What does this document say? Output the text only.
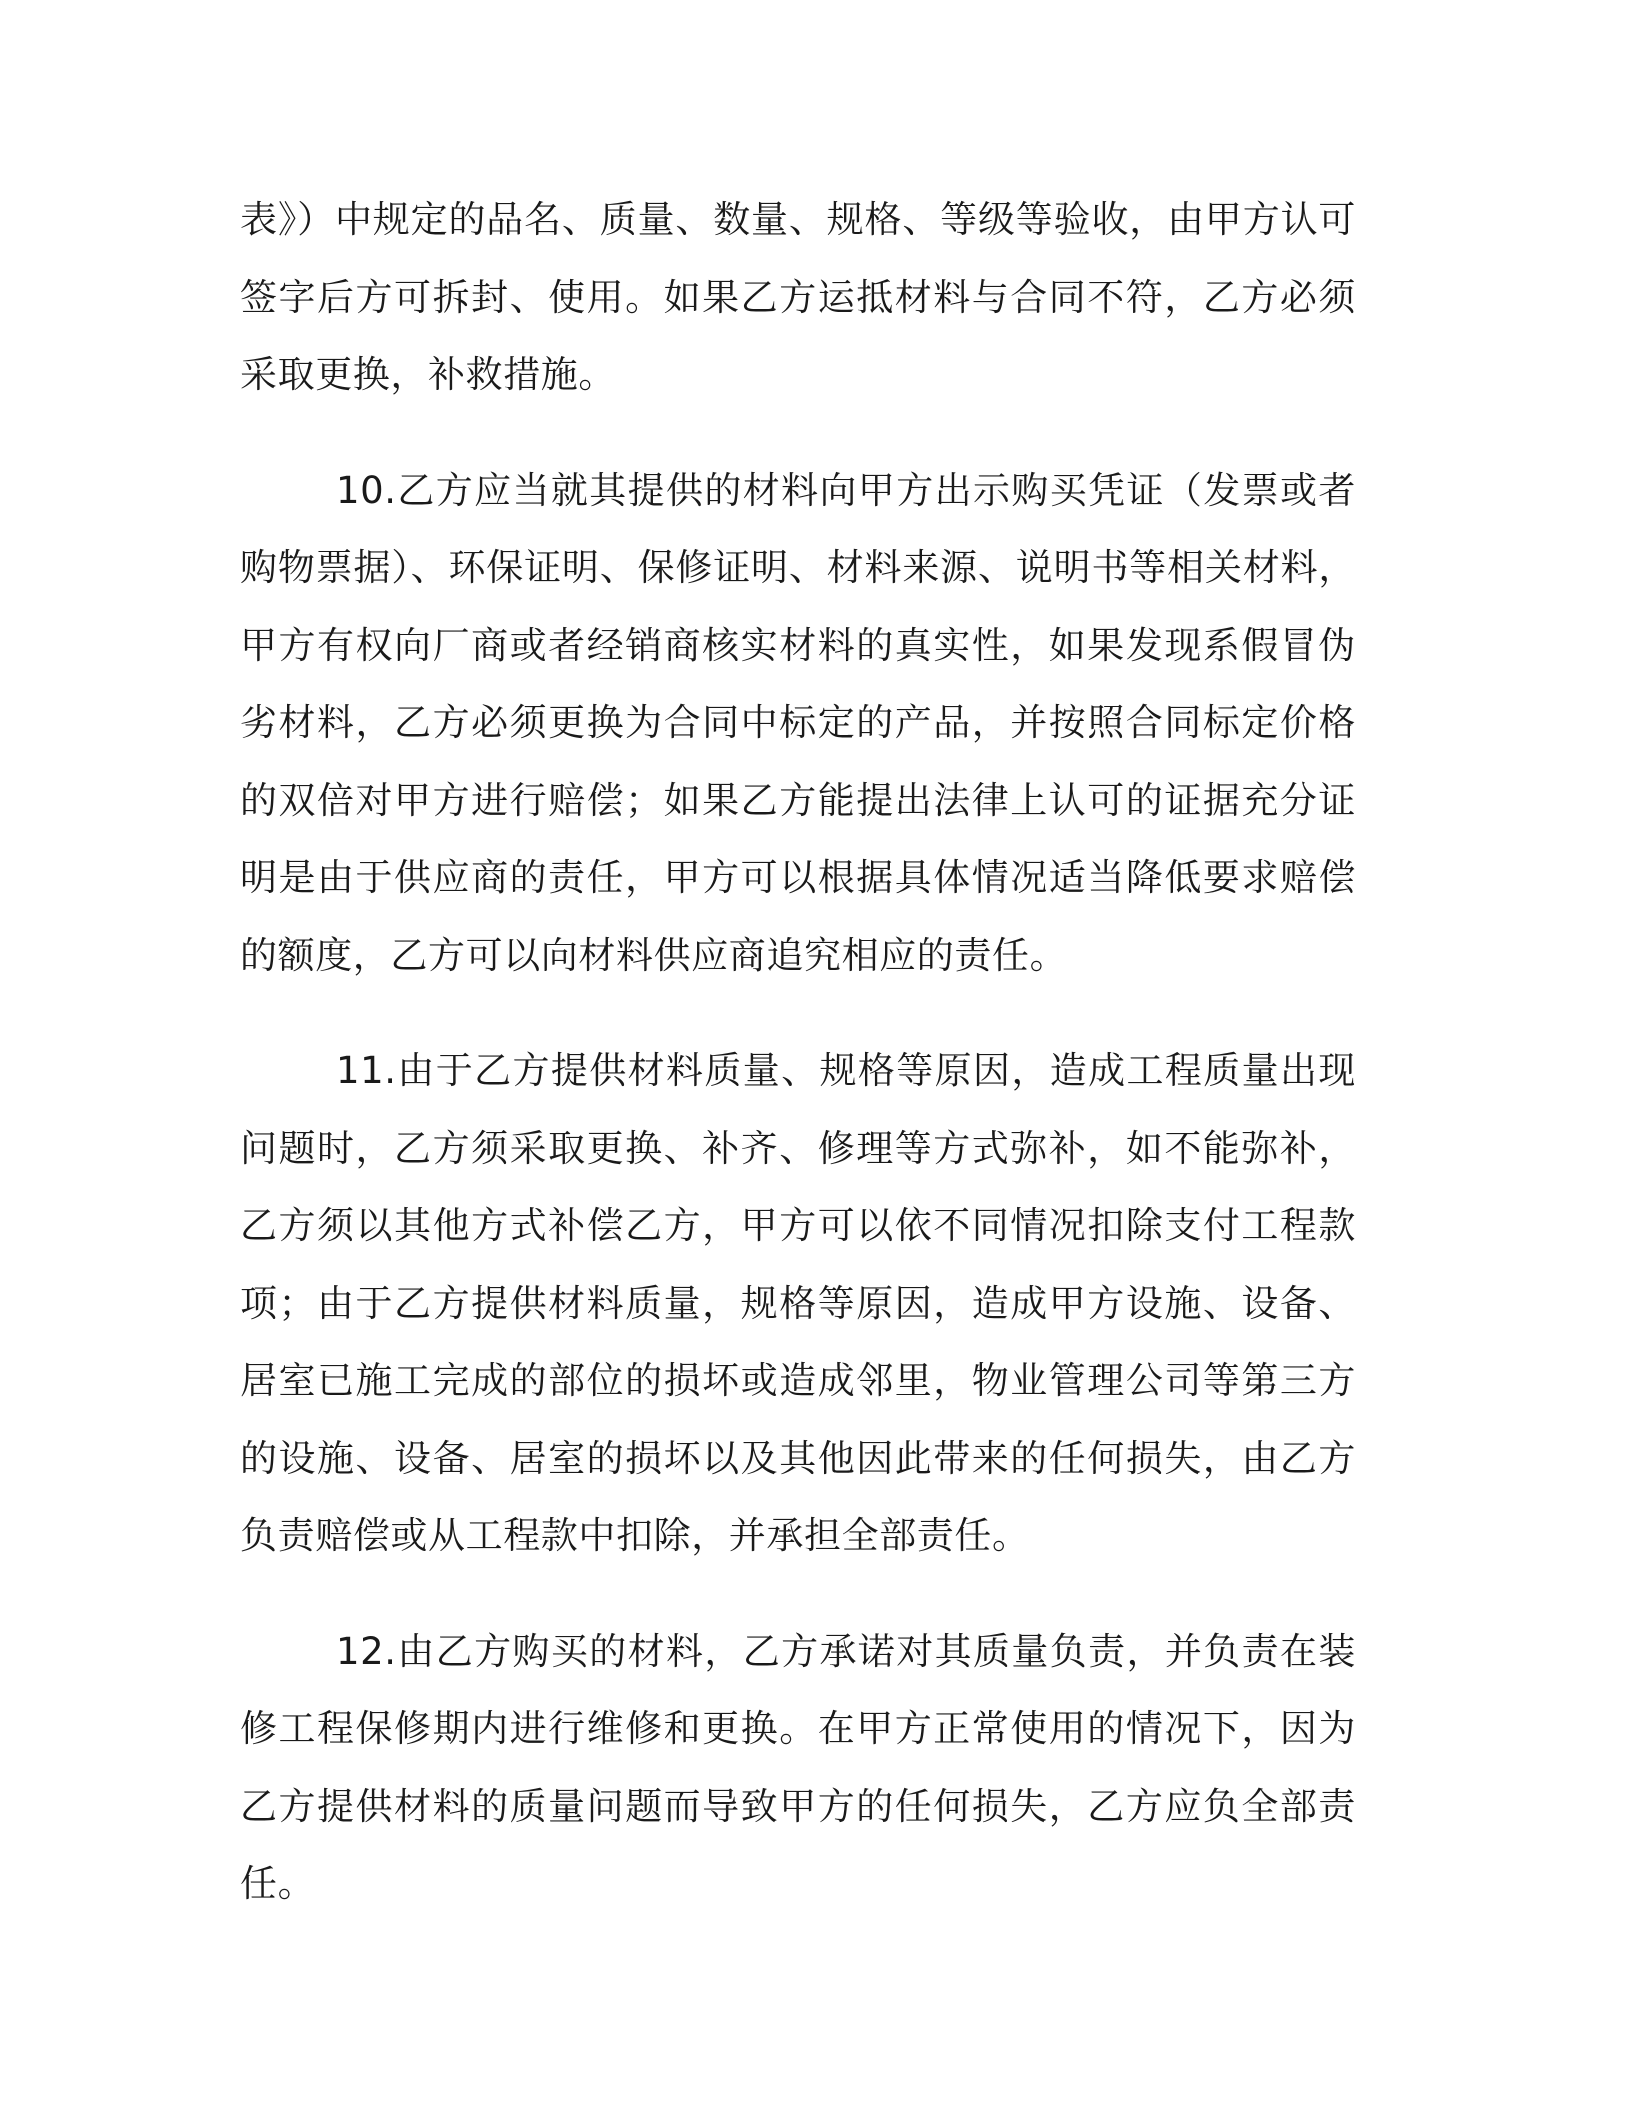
表》）中规定的品名、质量、数量、规格、等级等验收，由甲方认可签字后方可拆封、使用。如果乙方运抵材料与合同不符，乙方必须采取更换，补救措施。

10.乙方应当就其提供的材料向甲方出示购买凭证（发票或者购物票据）、环保证明、保修证明、材料来源、说明书等相关材料，甲方有权向厂商或者经销商核实材料的真实性，如果发现系假冒伪劣材料，乙方必须更换为合同中标定的产品，并按照合同标定价格的双倍对甲方进行赔偿；如果乙方能提出法律上认可的证据充分证明是由于供应商的责任，甲方可以根据具体情况适当降低要求赔偿的额度，乙方可以向材料供应商追究相应的责任。

11.由于乙方提供材料质量、规格等原因，造成工程质量出现问题时，乙方须采取更换、补齐、修理等方式弥补，如不能弥补，乙方须以其他方式补偿乙方，甲方可以依不同情况扣除支付工程款项；由于乙方提供材料质量，规格等原因，造成甲方设施、设备、居室已施工完成的部位的损坏或造成邻里，物业管理公司等第三方的设施、设备、居室的损坏以及其他因此带来的任何损失，由乙方负责赔偿或从工程款中扣除，并承担全部责任。

12.由乙方购买的材料，乙方承诺对其质量负责，并负责在装修工程保修期内进行维修和更换。在甲方正常使用的情况下，因为乙方提供材料的质量问题而导致甲方的任何损失，乙方应负全部责任。
